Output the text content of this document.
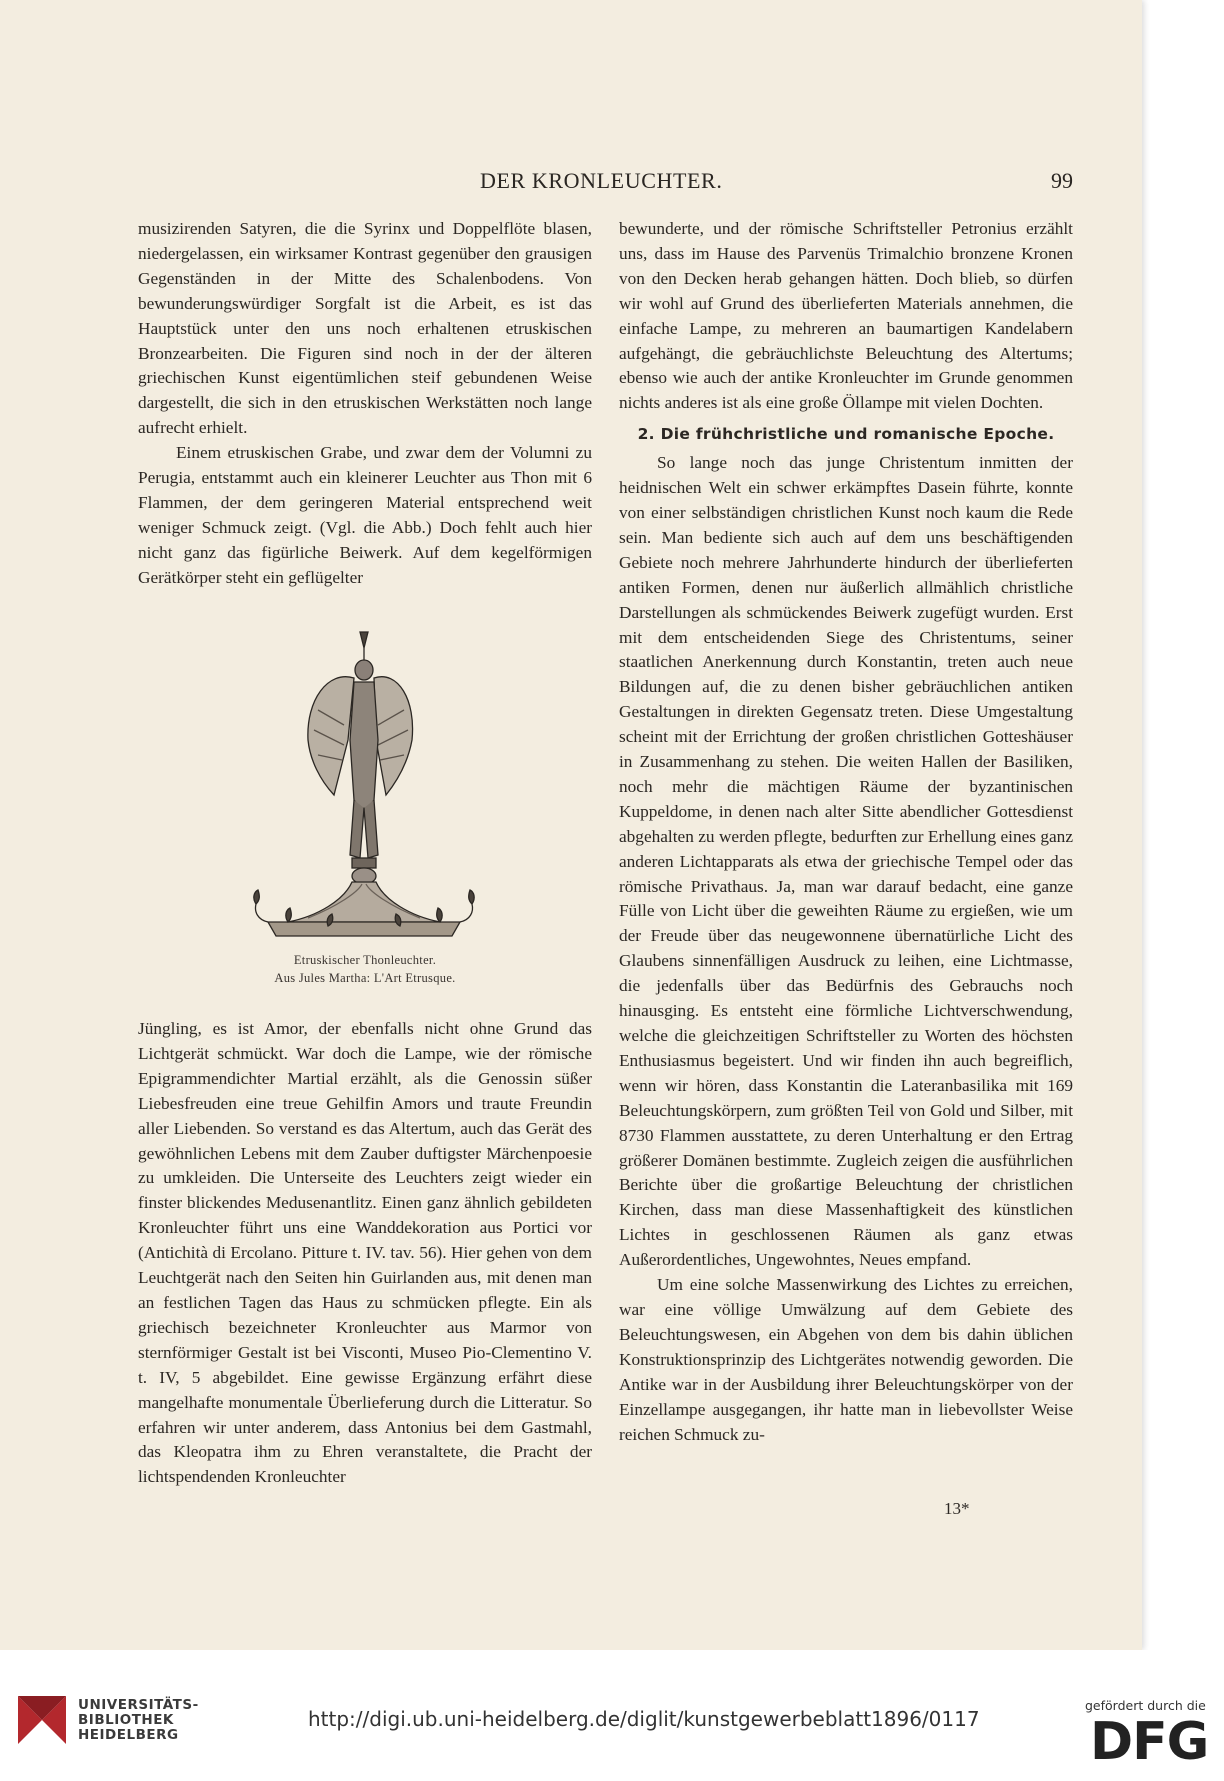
DER KRONLEUCHTER.	99

musizirenden Satyren, die die Syrinx und Doppelflöte blasen, niedergelassen, ein wirksamer Kontrast gegenüber den grausigen Gegenständen in der Mitte des Schalenbodens. Von bewunderungswürdiger Sorgfalt ist die Arbeit, es ist das Hauptstück unter den uns noch erhaltenen etruskischen Bronzearbeiten. Die Figuren sind noch in der der älteren griechischen Kunst eigentümlichen steif gebundenen Weise dargestellt, die sich in den etruskischen Werkstätten noch lange aufrecht erhielt.

Einem etruskischen Grabe, und zwar dem der Volumni zu Perugia, entstammt auch ein kleinerer Leuchter aus Thon mit 6 Flammen, der dem geringeren Material entsprechend weit weniger Schmuck zeigt. (Vgl. die Abb.) Doch fehlt auch hier nicht ganz das figürliche Beiwerk. Auf dem kegelförmigen Gerätkörper steht ein geflügelter

Etruskischer Thonleuchter.
Aus Jules Martha: L'Art Etrusque.

Jüngling, es ist Amor, der ebenfalls nicht ohne Grund das Lichtgerät schmückt. War doch die Lampe, wie der römische Epigrammendichter Martial erzählt, als die Genossin süßer Liebesfreuden eine treue Gehilfin Amors und traute Freundin aller Liebenden. So verstand es das Altertum, auch das Gerät des gewöhnlichen Lebens mit dem Zauber duftigster Märchenpoesie zu umkleiden. Die Unterseite des Leuchters zeigt wieder ein finster blickendes Medusenantlitz. Einen ganz ähnlich gebildeten Kronleuchter führt uns eine Wanddekoration aus Portici vor (Antichità di Ercolano. Pitture t. IV. tav. 56). Hier gehen von dem Leuchtgerät nach den Seiten hin Guirlanden aus, mit denen man an festlichen Tagen das Haus zu schmücken pflegte. Ein als griechisch bezeichneter Kronleuchter aus Marmor von sternförmiger Gestalt ist bei Visconti, Museo Pio-Clementino V. t. IV, 5 abgebildet. Eine gewisse Ergänzung erfährt diese mangelhafte monumentale Überlieferung durch die Litteratur. So erfahren wir unter anderem, dass Antonius bei dem Gastmahl, das Kleopatra ihm zu Ehren veranstaltete, die Pracht der lichtspendenden Kronleuchter

bewunderte, und der römische Schriftsteller Petronius erzählt uns, dass im Hause des Parvenüs Trimalchio bronzene Kronen von den Decken herab gehangen hätten. Doch blieb, so dürfen wir wohl auf Grund des überlieferten Materials annehmen, die einfache Lampe, zu mehreren an baumartigen Kandelabern aufgehängt, die gebräuchlichste Beleuchtung des Altertums; ebenso wie auch der antike Kronleuchter im Grunde genommen nichts anderes ist als eine große Öllampe mit vielen Dochten.

2. Die frühchristliche und romanische Epoche.

So lange noch das junge Christentum inmitten der heidnischen Welt ein schwer erkämpftes Dasein führte, konnte von einer selbständigen christlichen Kunst noch kaum die Rede sein. Man bediente sich auch auf dem uns beschäftigenden Gebiete noch mehrere Jahrhunderte hindurch der überlieferten antiken Formen, denen nur äußerlich allmählich christliche Darstellungen als schmückendes Beiwerk zugefügt wurden. Erst mit dem entscheidenden Siege des Christentums, seiner staatlichen Anerkennung durch Konstantin, treten auch neue Bildungen auf, die zu denen bisher gebräuchlichen antiken Gestaltungen in direkten Gegensatz treten. Diese Umgestaltung scheint mit der Errichtung der großen christlichen Gotteshäuser in Zusammenhang zu stehen. Die weiten Hallen der Basiliken, noch mehr die mächtigen Räume der byzantinischen Kuppeldome, in denen nach alter Sitte abendlicher Gottesdienst abgehalten zu werden pflegte, bedurften zur Erhellung eines ganz anderen Lichtapparats als etwa der griechische Tempel oder das römische Privathaus. Ja, man war darauf bedacht, eine ganze Fülle von Licht über die geweihten Räume zu ergießen, wie um der Freude über das neugewonnene übernatürliche Licht des Glaubens sinnenfälligen Ausdruck zu leihen, eine Lichtmasse, die jedenfalls über das Bedürfnis des Gebrauchs noch hinausging. Es entsteht eine förmliche Lichtverschwendung, welche die gleichzeitigen Schriftsteller zu Worten des höchsten Enthusiasmus begeistert. Und wir finden ihn auch begreiflich, wenn wir hören, dass Konstantin die Lateranbasilika mit 169 Beleuchtungskörpern, zum größten Teil von Gold und Silber, mit 8730 Flammen ausstattete, zu deren Unterhaltung er den Ertrag größerer Domänen bestimmte. Zugleich zeigen die ausführlichen Berichte über die großartige Beleuchtung der christlichen Kirchen, dass man diese Massenhaftigkeit des künstlichen Lichtes in geschlossenen Räumen als ganz etwas Außerordentliches, Ungewohntes, Neues empfand.

Um eine solche Massenwirkung des Lichtes zu erreichen, war eine völlige Umwälzung auf dem Gebiete des Beleuchtungswesen, ein Abgehen von dem bis dahin üblichen Konstruktionsprinzip des Lichtgerätes notwendig geworden. Die Antike war in der Ausbildung ihrer Beleuchtungskörper von der Einzellampe ausgegangen, ihr hatte man in liebevollster Weise reichen Schmuck zu-

13*
UNIVERSITÄTS-
BIBLIOTHEK
HEIDELBERG
http://digi.ub.uni-heidelberg.de/diglit/kunstgewerbeblatt1896/0117
gefördert durch die
DFG
